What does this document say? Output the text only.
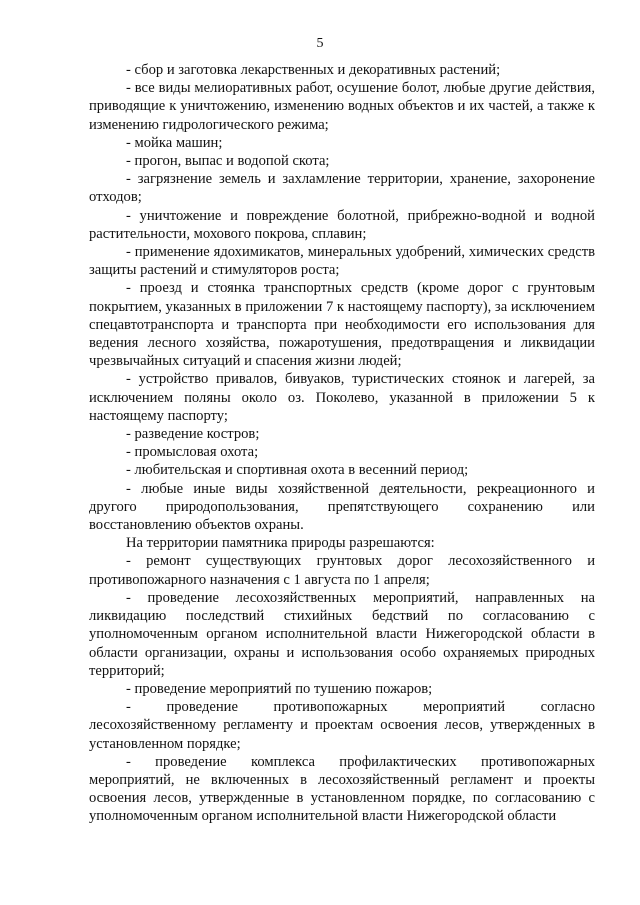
5

- сбор и заготовка лекарственных и декоративных растений;

- все виды мелиоративных работ, осушение болот, любые другие действия, приводящие к уничтожению, изменению водных объектов и их частей, а также к изменению гидрологического режима;

- мойка машин;

- прогон, выпас и водопой скота;

- загрязнение земель и захламление территории, хранение, захоронение отходов;

- уничтожение и повреждение болотной, прибрежно-водной и водной растительности, мохового покрова, сплавин;

- применение ядохимикатов, минеральных удобрений, химических средств защиты растений и стимуляторов роста;

- проезд и стоянка транспортных средств (кроме дорог с грунтовым покрытием, указанных в приложении 7 к настоящему паспорту), за исключением спецавтотранспорта и транспорта при необходимости его использования для ведения лесного хозяйства, пожаротушения, предотвращения и ликвидации чрезвычайных ситуаций и спасения жизни людей;

- устройство привалов, бивуаков, туристических стоянок и лагерей, за исключением поляны около оз. Поколево, указанной в приложении 5 к настоящему паспорту;

- разведение костров;

- промысловая охота;

- любительская и спортивная охота в весенний период;

- любые иные виды хозяйственной деятельности, рекреационного и другого природопользования, препятствующего сохранению или восстановлению объектов охраны.

На территории памятника природы разрешаются:

- ремонт существующих грунтовых дорог лесохозяйственного и противопожарного назначения с 1 августа по 1 апреля;

- проведение лесохозяйственных мероприятий, направленных на ликвидацию последствий стихийных бедствий по согласованию с уполномоченным органом исполнительной власти Нижегородской области в области организации, охраны и использования особо охраняемых природных территорий;

- проведение мероприятий по тушению пожаров;

- проведение противопожарных мероприятий согласно лесохозяйственному регламенту и проектам освоения лесов, утвержденных в установленном порядке;

- проведение комплекса профилактических противопожарных мероприятий, не включенных в лесохозяйственный регламент и проекты освоения лесов, утвержденные в установленном порядке, по согласованию с уполномоченным органом исполнительной власти Нижегородской области
